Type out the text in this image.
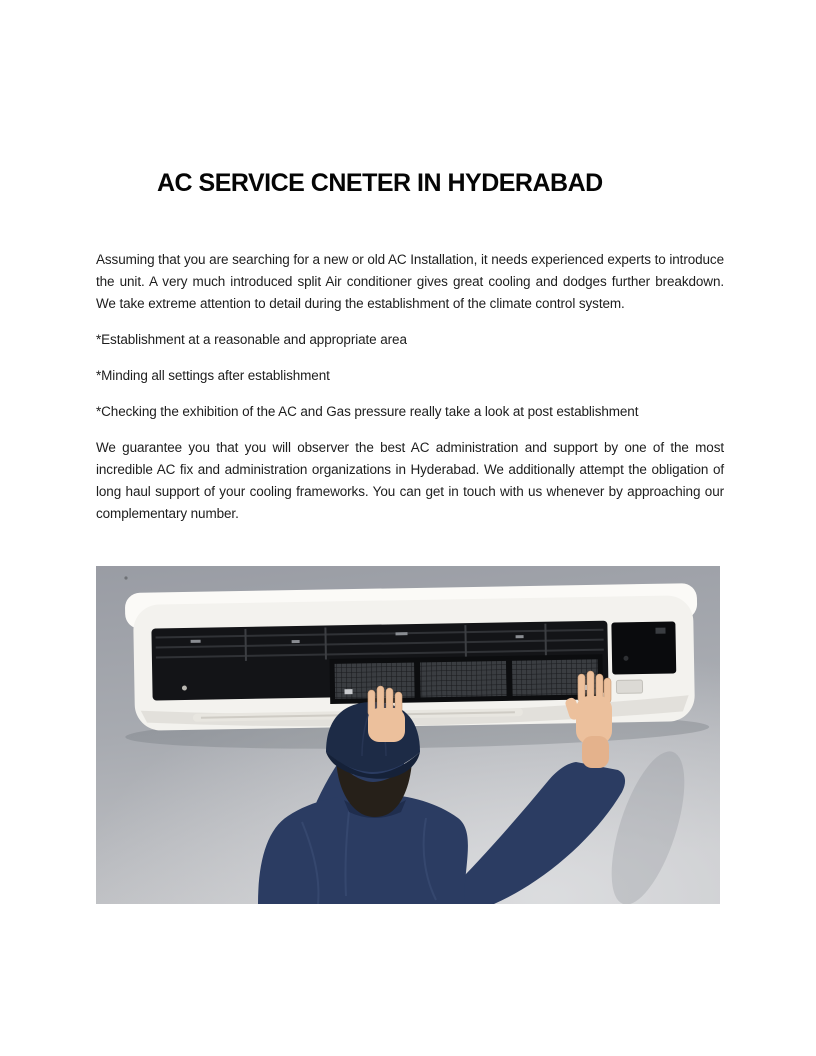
AC SERVICE CNETER IN HYDERABAD

Assuming that you are searching for a new or old AC Installation, it needs experienced experts to introduce the unit. A very much introduced split Air conditioner gives great cooling and dodges further breakdown. We take extreme attention to detail during the establishment of the climate control system.

*Establishment at a reasonable and appropriate area

*Minding all settings after establishment

*Checking the exhibition of the AC and Gas pressure really take a look at post establishment

We guarantee you that you will observer the best AC administration and support by one of the most incredible AC fix and administration organizations in Hyderabad. We additionally attempt the obligation of long haul support of your cooling frameworks. You can get in touch with us whenever by approaching our complementary number.
